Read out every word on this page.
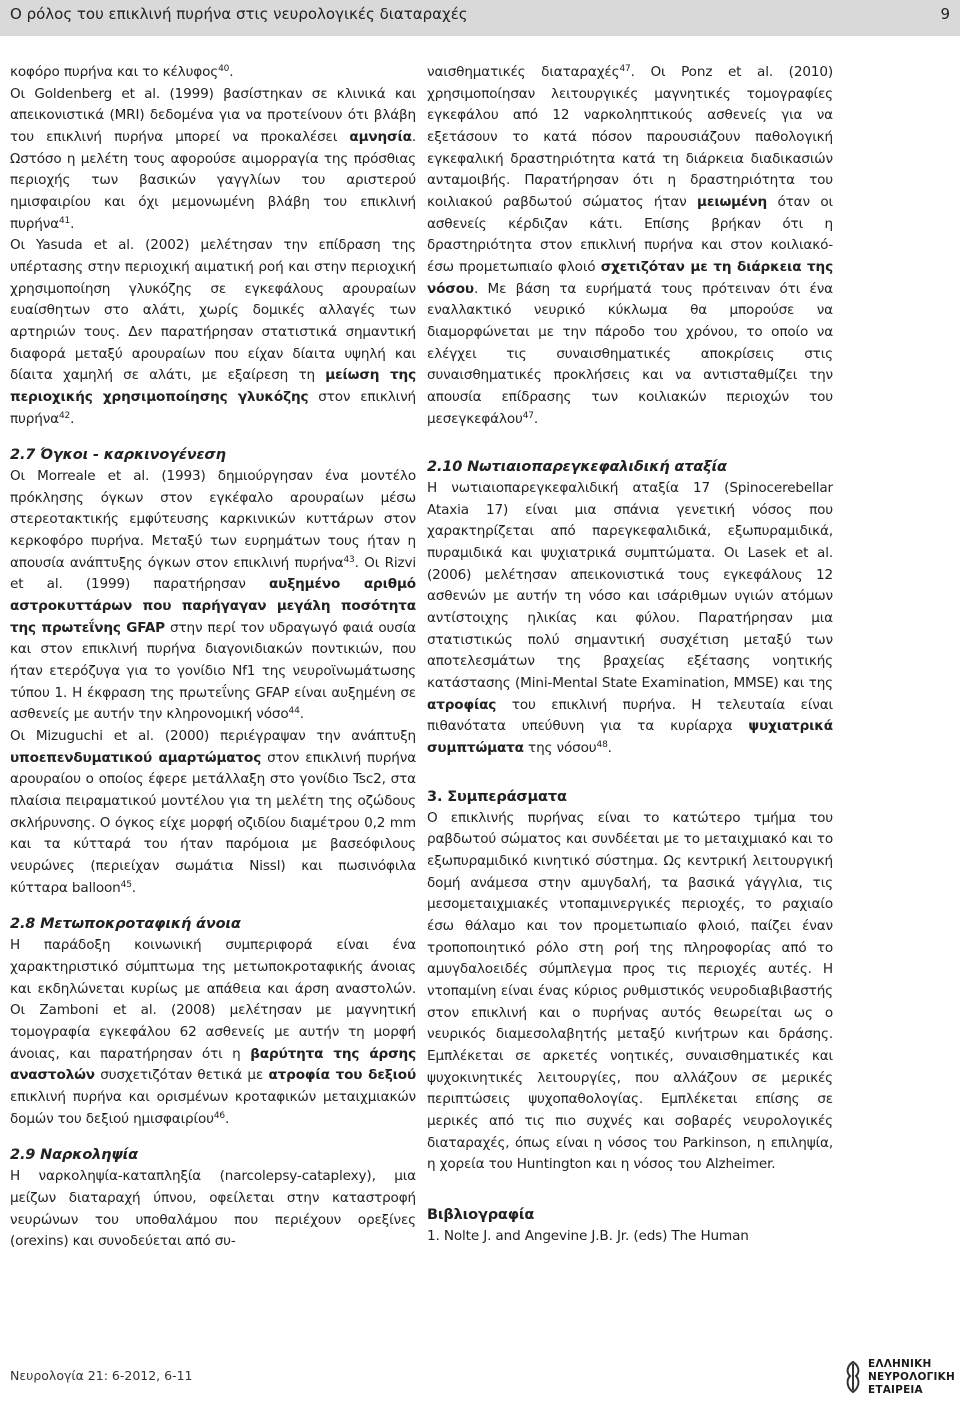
Ο ρόλος του επικλινή πυρήνα στις νευρολογικές διαταραχές	9

κοφόρο πυρήνα και το κέλυφος$^{40}$.

Οι Goldenberg et al. (1999) βασίστηκαν σε κλινικά και απεικονιστικά (MRI) δεδομένα για να προτείνουν ότι βλάβη του επικλινή πυρήνα μπορεί να προκαλέσει αμνησία. Ωστόσο η μελέτη τους αφορούσε αιμορραγία της πρόσθιας περιοχής των βασικών γαγγλίων του αριστερού ημισφαιρίου και όχι μεμονωμένη βλάβη του επικλινή πυρήνα$^{41}$.

Οι Yasuda et al. (2002) μελέτησαν την επίδραση της υπέρτασης στην περιοχική αιματική ροή και στην περιοχική χρησιμοποίηση γλυκόζης σε εγκεφάλους αρουραίων ευαίσθητων στο αλάτι, χωρίς δομικές αλλαγές των αρτηριών τους. Δεν παρατήρησαν στατιστικά σημαντική διαφορά μεταξύ αρουραίων που είχαν δίαιτα υψηλή και δίαιτα χαμηλή σε αλάτι, με εξαίρεση τη μείωση της περιοχικής χρησιμοποίησης γλυκόζης στον επικλινή πυρήνα$^{42}$.

2.7 Όγκοι - καρκινογένεση

Οι Morreale et al. (1993) δημιούργησαν ένα μοντέλο πρόκλησης όγκων στον εγκέφαλο αρουραίων μέσω στερεοτακτικής εμφύτευσης καρκινικών κυττάρων στον κερκοφόρο πυρήνα. Μεταξύ των ευρημάτων τους ήταν η απουσία ανάπτυξης όγκων στον επικλινή πυρήνα$^{43}$. Οι Rizvi et al. (1999) παρατήρησαν αυξημένο αριθμό αστροκυττάρων που παρήγαγαν μεγάλη ποσότητα της πρωτεΐνης GFAP στην περί τον υδραγωγό φαιά ουσία και στον επικλινή πυρήνα διαγονιδιακών ποντικιών, που ήταν ετερόζυγα για το γονίδιο Nf1 της νευροϊνωμάτωσης τύπου 1. Η έκφραση της πρωτεΐνης GFAP είναι αυξημένη σε ασθενείς με αυτήν την κληρονομική νόσο$^{44}$.

Οι Mizuguchi et al. (2000) περιέγραψαν την ανάπτυξη υποεπενδυματικού αμαρτώματος στον επικλινή πυρήνα αρουραίου ο οποίος έφερε μετάλλαξη στο γονίδιο Tsc2, στα πλαίσια πειραματικού μοντέλου για τη μελέτη της οζώδους σκλήρυνσης. Ο όγκος είχε μορφή οζιδίου διαμέτρου 0,2 mm και τα κύτταρά του ήταν παρόμοια με βασεόφιλους νευρώνες (περιείχαν σωμάτια Nissl) και πωσινόφιλα κύτταρα balloon$^{45}$.

2.8 Μετωποκροταφική άνοια

Η παράδοξη κοινωνική συμπεριφορά είναι ένα χαρακτηριστικό σύμπτωμα της μετωποκροταφικής άνοιας και εκδηλώνεται κυρίως με απάθεια και άρση αναστολών. Οι Zamboni et al. (2008) μελέτησαν με μαγνητική τομογραφία εγκεφάλου 62 ασθενείς με αυτήν τη μορφή άνοιας, και παρατήρησαν ότι η βαρύτητα της άρσης αναστολών συσχετιζόταν θετικά με ατροφία του δεξιού επικλινή πυρήνα και ορισμένων κροταφικών μεταιχμιακών δομών του δεξιού ημισφαιρίου$^{46}$.

2.9 Ναρκοληψία

Η ναρκοληψία-καταπληξία (narcolepsy-cataplexy), μια μείζων διαταραχή ύπνου, οφείλεται στην καταστροφή νευρώνων του υποθαλάμου που περιέχουν ορεξίνες (orexins) και συνοδεύεται από συ-

ναισθηματικές διαταραχές$^{47}$. Οι Ponz et al. (2010) χρησιμοποίησαν λειτουργικές μαγνητικές τομογραφίες εγκεφάλου από 12 ναρκοληπτικούς ασθενείς για να εξετάσουν το κατά πόσον παρουσιάζουν παθολογική εγκεφαλική δραστηριότητα κατά τη διάρκεια διαδικασιών ανταμοιβής. Παρατήρησαν ότι η δραστηριότητα του κοιλιακού ραβδωτού σώματος ήταν μειωμένη όταν οι ασθενείς κέρδιζαν κάτι. Επίσης βρήκαν ότι η δραστηριότητα στον επικλινή πυρήνα και στον κοιλιακό-έσω προμετωπιαίο φλοιό σχετιζόταν με τη διάρκεια της νόσου. Με βάση τα ευρήματά τους πρότειναν ότι ένα εναλλακτικό νευρικό κύκλωμα θα μπορούσε να διαμορφώνεται με την πάροδο του χρόνου, το οποίο να ελέγχει τις συναισθηματικές αποκρίσεις στις συναισθηματικές προκλήσεις και να αντισταθμίζει την απουσία επίδρασης των κοιλιακών περιοχών του μεσεγκεφάλου$^{47}$.

2.10 Νωτιαιοπαρεγκεφαλιδική αταξία

Η νωτιαιοπαρεγκεφαλιδική αταξία 17 (Spinocerebellar Ataxia 17) είναι μια σπάνια γενετική νόσος που χαρακτηρίζεται από παρεγκεφαλιδικά, εξωπυραμιδικά, πυραμιδικά και ψυχιατρικά συμπτώματα. Οι Lasek et al. (2006) μελέτησαν απεικονιστικά τους εγκεφάλους 12 ασθενών με αυτήν τη νόσο και ισάριθμων υγιών ατόμων αντίστοιχης ηλικίας και φύλου. Παρατήρησαν μια στατιστικώς πολύ σημαντική συσχέτιση μεταξύ των αποτελεσμάτων της βραχείας εξέτασης νοητικής κατάστασης (Mini-Mental State Examination, MMSE) και της ατροφίας του επικλινή πυρήνα. Η τελευταία είναι πιθανότατα υπεύθυνη για τα κυρίαρχα ψυχιατρικά συμπτώματα της νόσου$^{48}$.

3. Συμπεράσματα

Ο επικλινής πυρήνας είναι το κατώτερο τμήμα του ραβδωτού σώματος και συνδέεται με το μεταιχμιακό και το εξωπυραμιδικό κινητικό σύστημα. Ως κεντρική λειτουργική δομή ανάμεσα στην αμυγδαλή, τα βασικά γάγγλια, τις μεσομεταιχμιακές ντοπαμινεργικές περιοχές, το ραχιαίο έσω θάλαμο και τον προμετωπιαίο φλοιό, παίζει έναν τροποποιητικό ρόλο στη ροή της πληροφορίας από το αμυγδαλοειδές σύμπλεγμα προς τις περιοχές αυτές. Η ντοπαμίνη είναι ένας κύριος ρυθμιστικός νευροδιαβιβαστής στον επικλινή και ο πυρήνας αυτός θεωρείται ως ο νευρικός διαμεσολαβητής μεταξύ κινήτρων και δράσης. Εμπλέκεται σε αρκετές νοητικές, συναισθηματικές και ψυχοκινητικές λειτουργίες, που αλλάζουν σε μερικές περιπτώσεις ψυχοπαθολογίας. Εμπλέκεται επίσης σε μερικές από τις πιο συχνές και σοβαρές νευρολογικές διαταραχές, όπως είναι η νόσος του Parkinson, η επιληψία, η χορεία του Huntington και η νόσος του Alzheimer.

Βιβλιογραφία

1. Nolte J. and Angevine J.B. Jr. (eds) The Human

Νευρολογία 21: 6-2012, 6-11
ΕΛΛΗΝΙΚΗ
ΝΕΥΡΟΛΟΓΙΚΗ
ΕΤΑΙΡΕΙΑ
